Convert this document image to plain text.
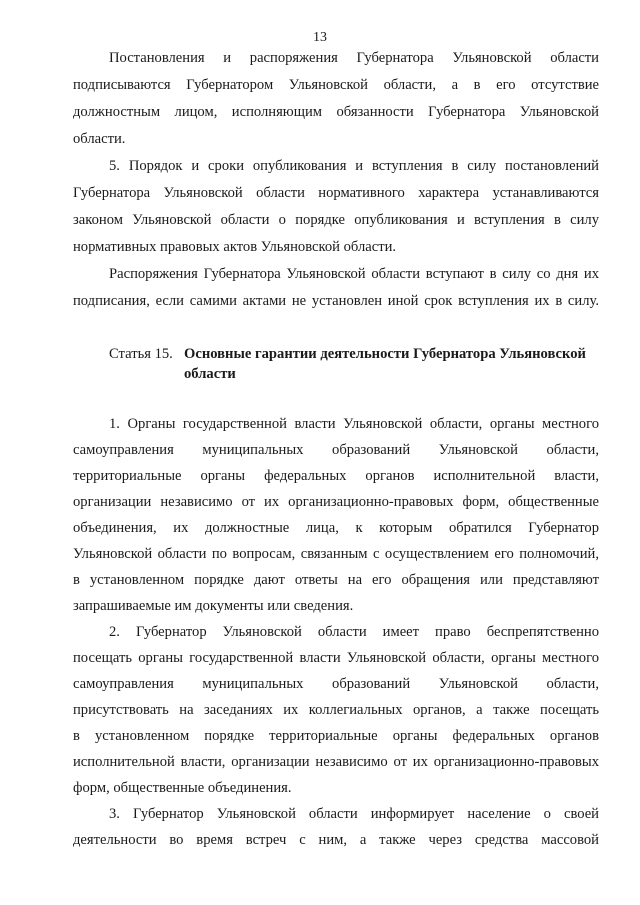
13
Постановления и распоряжения Губернатора Ульяновской области
подписываются Губернатором Ульяновской области, а в его отсутствие
должностным лицом, исполняющим обязанности Губернатора Ульяновской
области.
5. Порядок и сроки опубликования и вступления в силу постановлений
Губернатора Ульяновской области нормативного характера устанавливаются
законом Ульяновской области о порядке опубликования и вступления в силу
нормативных правовых актов Ульяновской области.
Распоряжения Губернатора Ульяновской области вступают в силу со дня их
подписания, если самими актами не установлен иной срок вступления их в силу.
Статья 15. Основные гарантии деятельности Губернатора Ульяновской
области
1. Органы государственной власти Ульяновской области, органы местного
самоуправления муниципальных образований Ульяновской области,
территориальные органы федеральных органов исполнительной власти,
организации независимо от их организационно-правовых форм, общественные
объединения, их должностные лица, к которым обратился Губернатор
Ульяновской области по вопросам, связанным с осуществлением его полномочий,
в установленном порядке дают ответы на его обращения или представляют
запрашиваемые им документы или сведения.
2. Губернатор Ульяновской области имеет право беспрепятственно
посещать органы государственной власти Ульяновской области, органы местного
самоуправления муниципальных образований Ульяновской области,
присутствовать на заседаниях их коллегиальных органов, а также посещать
в установленном порядке территориальные органы федеральных органов
исполнительной власти, организации независимо от их организационно-правовых
форм, общественные объединения.
3. Губернатор Ульяновской области информирует население о своей
деятельности во время встреч с ним, а также через средства массовой
